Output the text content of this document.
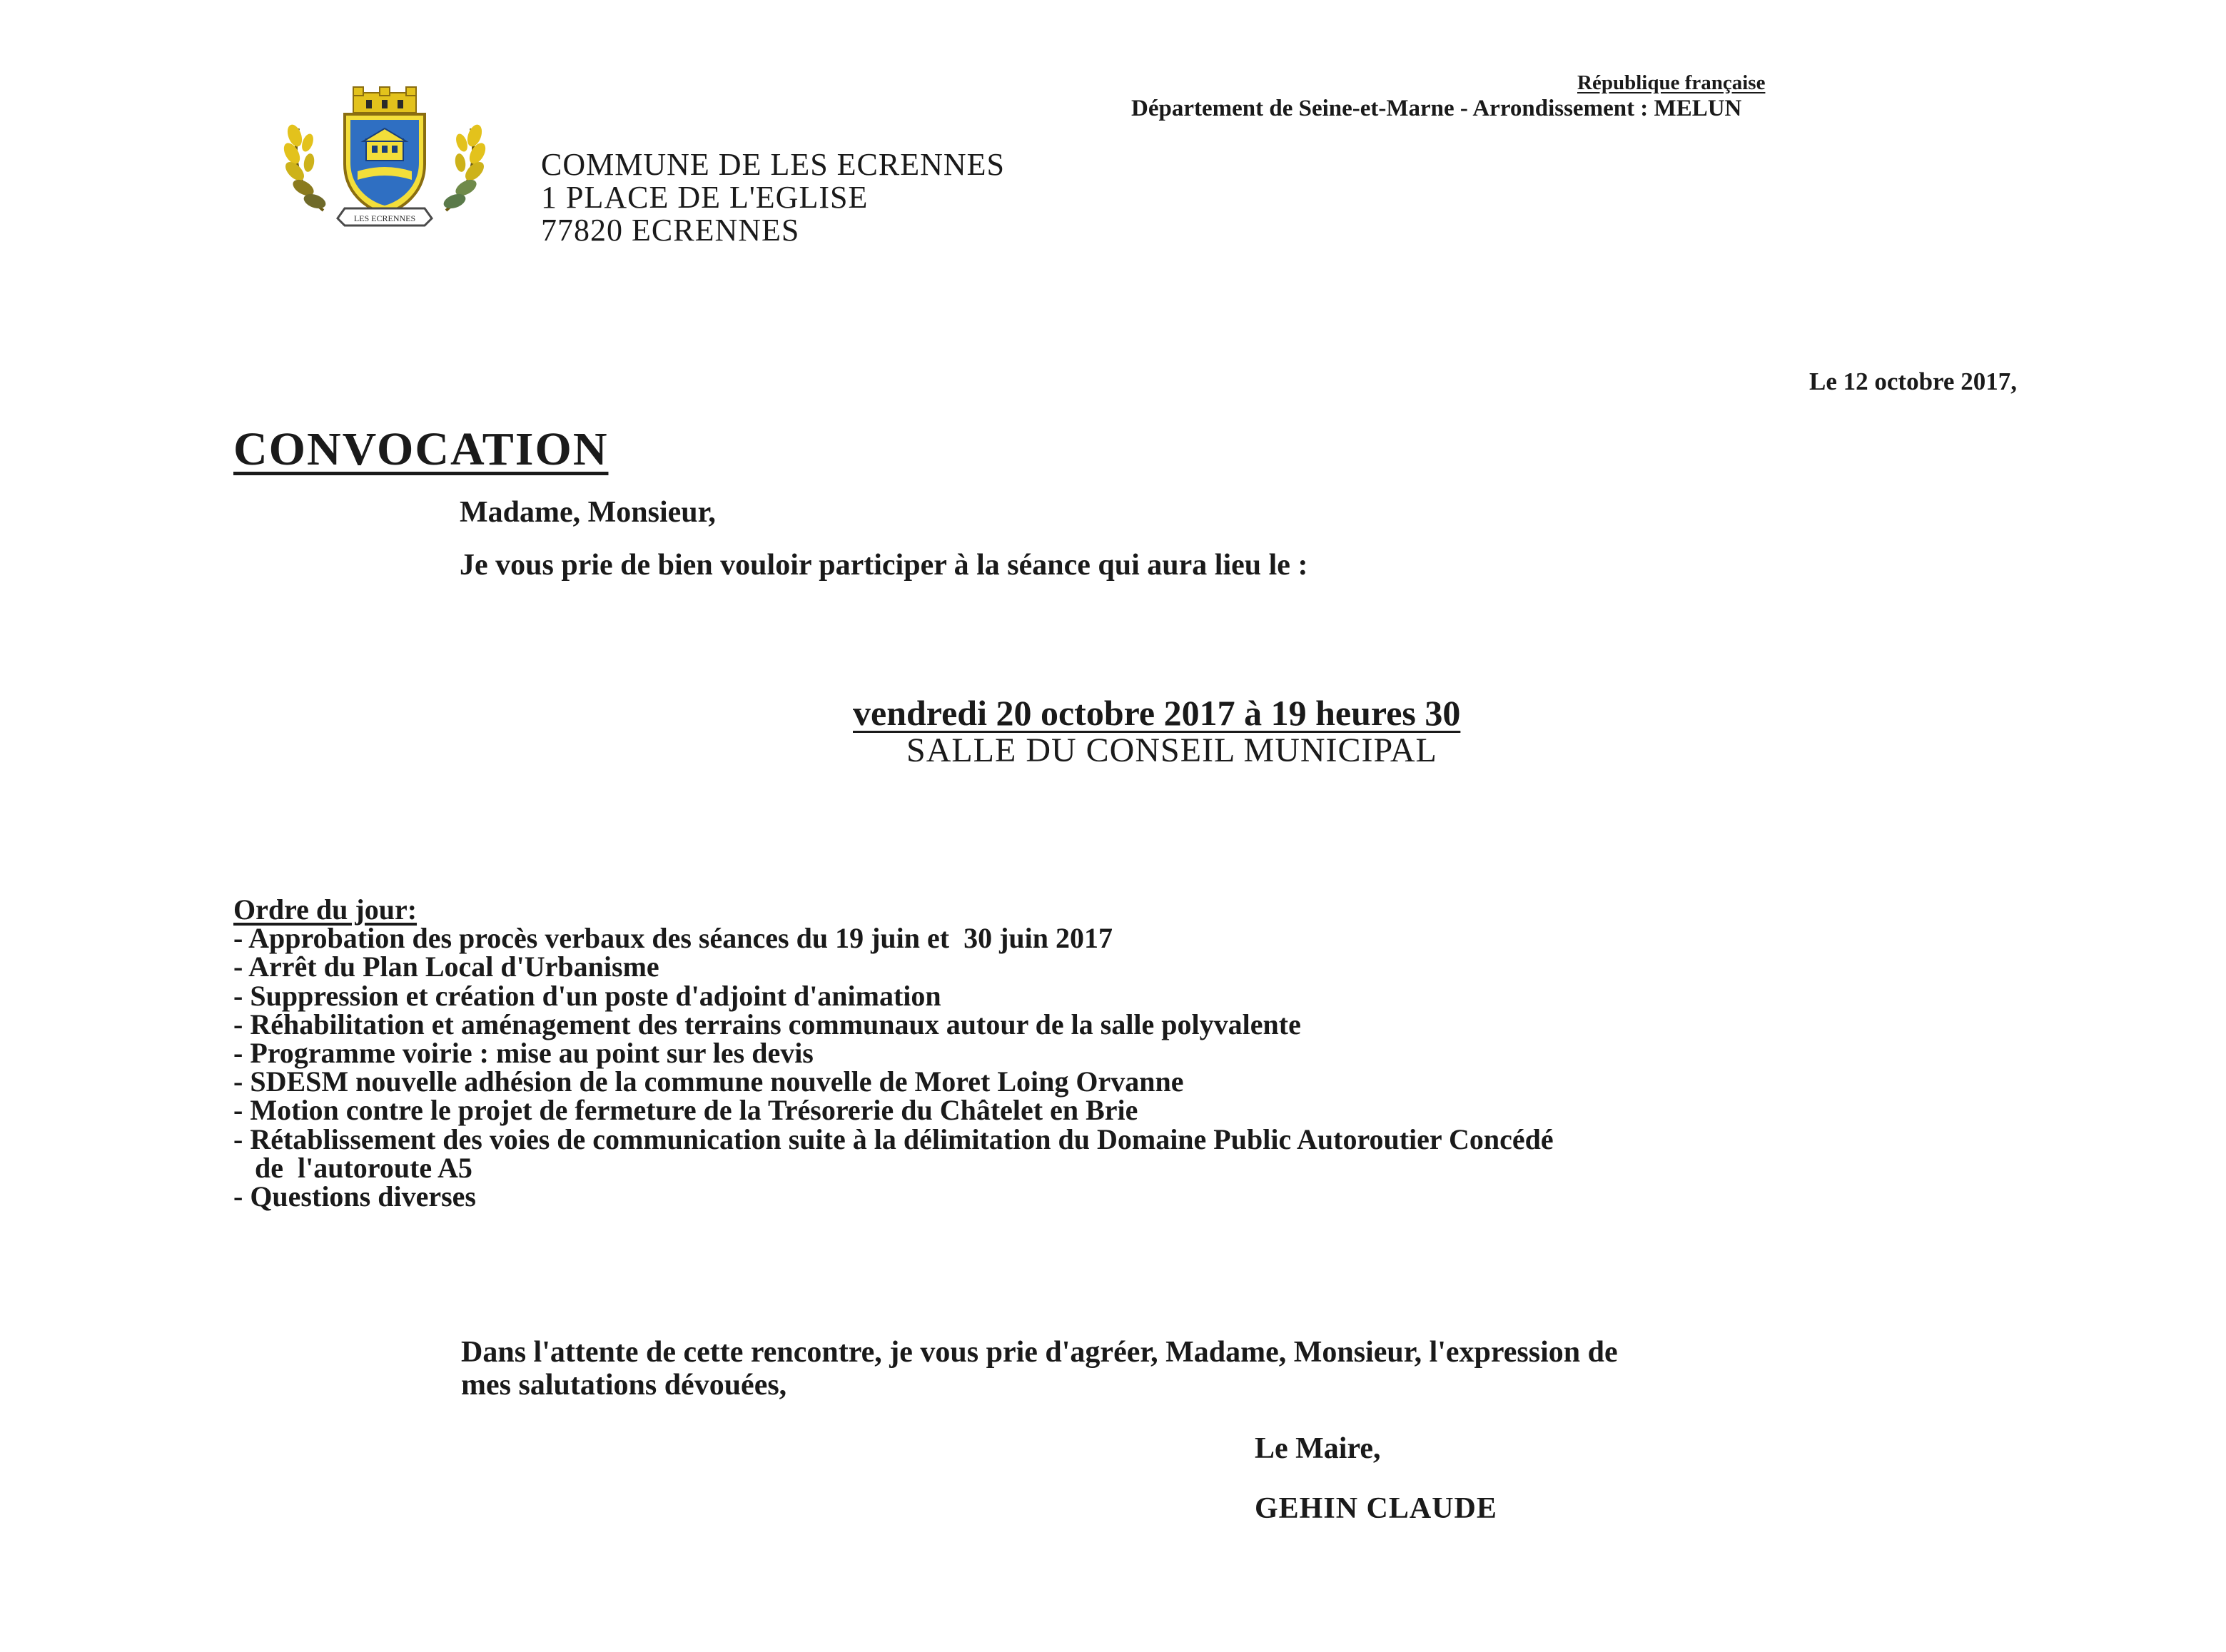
République française
Département de Seine-et-Marne - Arrondissement : MELUN
LES ECRENNES
COMMUNE DE LES ECRENNES
1 PLACE DE L'EGLISE
77820 ECRENNES
Le 12 octobre 2017,
CONVOCATION
Madame, Monsieur,
Je vous prie de bien vouloir participer à la séance qui aura lieu le :
vendredi 20 octobre 2017 à 19 heures 30
SALLE DU CONSEIL MUNICIPAL
Ordre du jour:
- Approbation des procès verbaux des séances du 19 juin et  30 juin 2017
- Arrêt du Plan Local d'Urbanisme
- Suppression et création d'un poste d'adjoint d'animation
- Réhabilitation et aménagement des terrains communaux autour de la salle polyvalente
- Programme voirie : mise au point sur les devis
- SDESM nouvelle adhésion de la commune nouvelle de Moret Loing Orvanne
- Motion contre le projet de fermeture de la Trésorerie du Châtelet en Brie
- Rétablissement des voies de communication suite à la délimitation du Domaine Public Autoroutier Concédé
de  l'autoroute A5
- Questions diverses
Dans l'attente de cette rencontre, je vous prie d'agréer, Madame, Monsieur, l'expression de
mes salutations dévouées,
Le Maire,
GEHIN CLAUDE
